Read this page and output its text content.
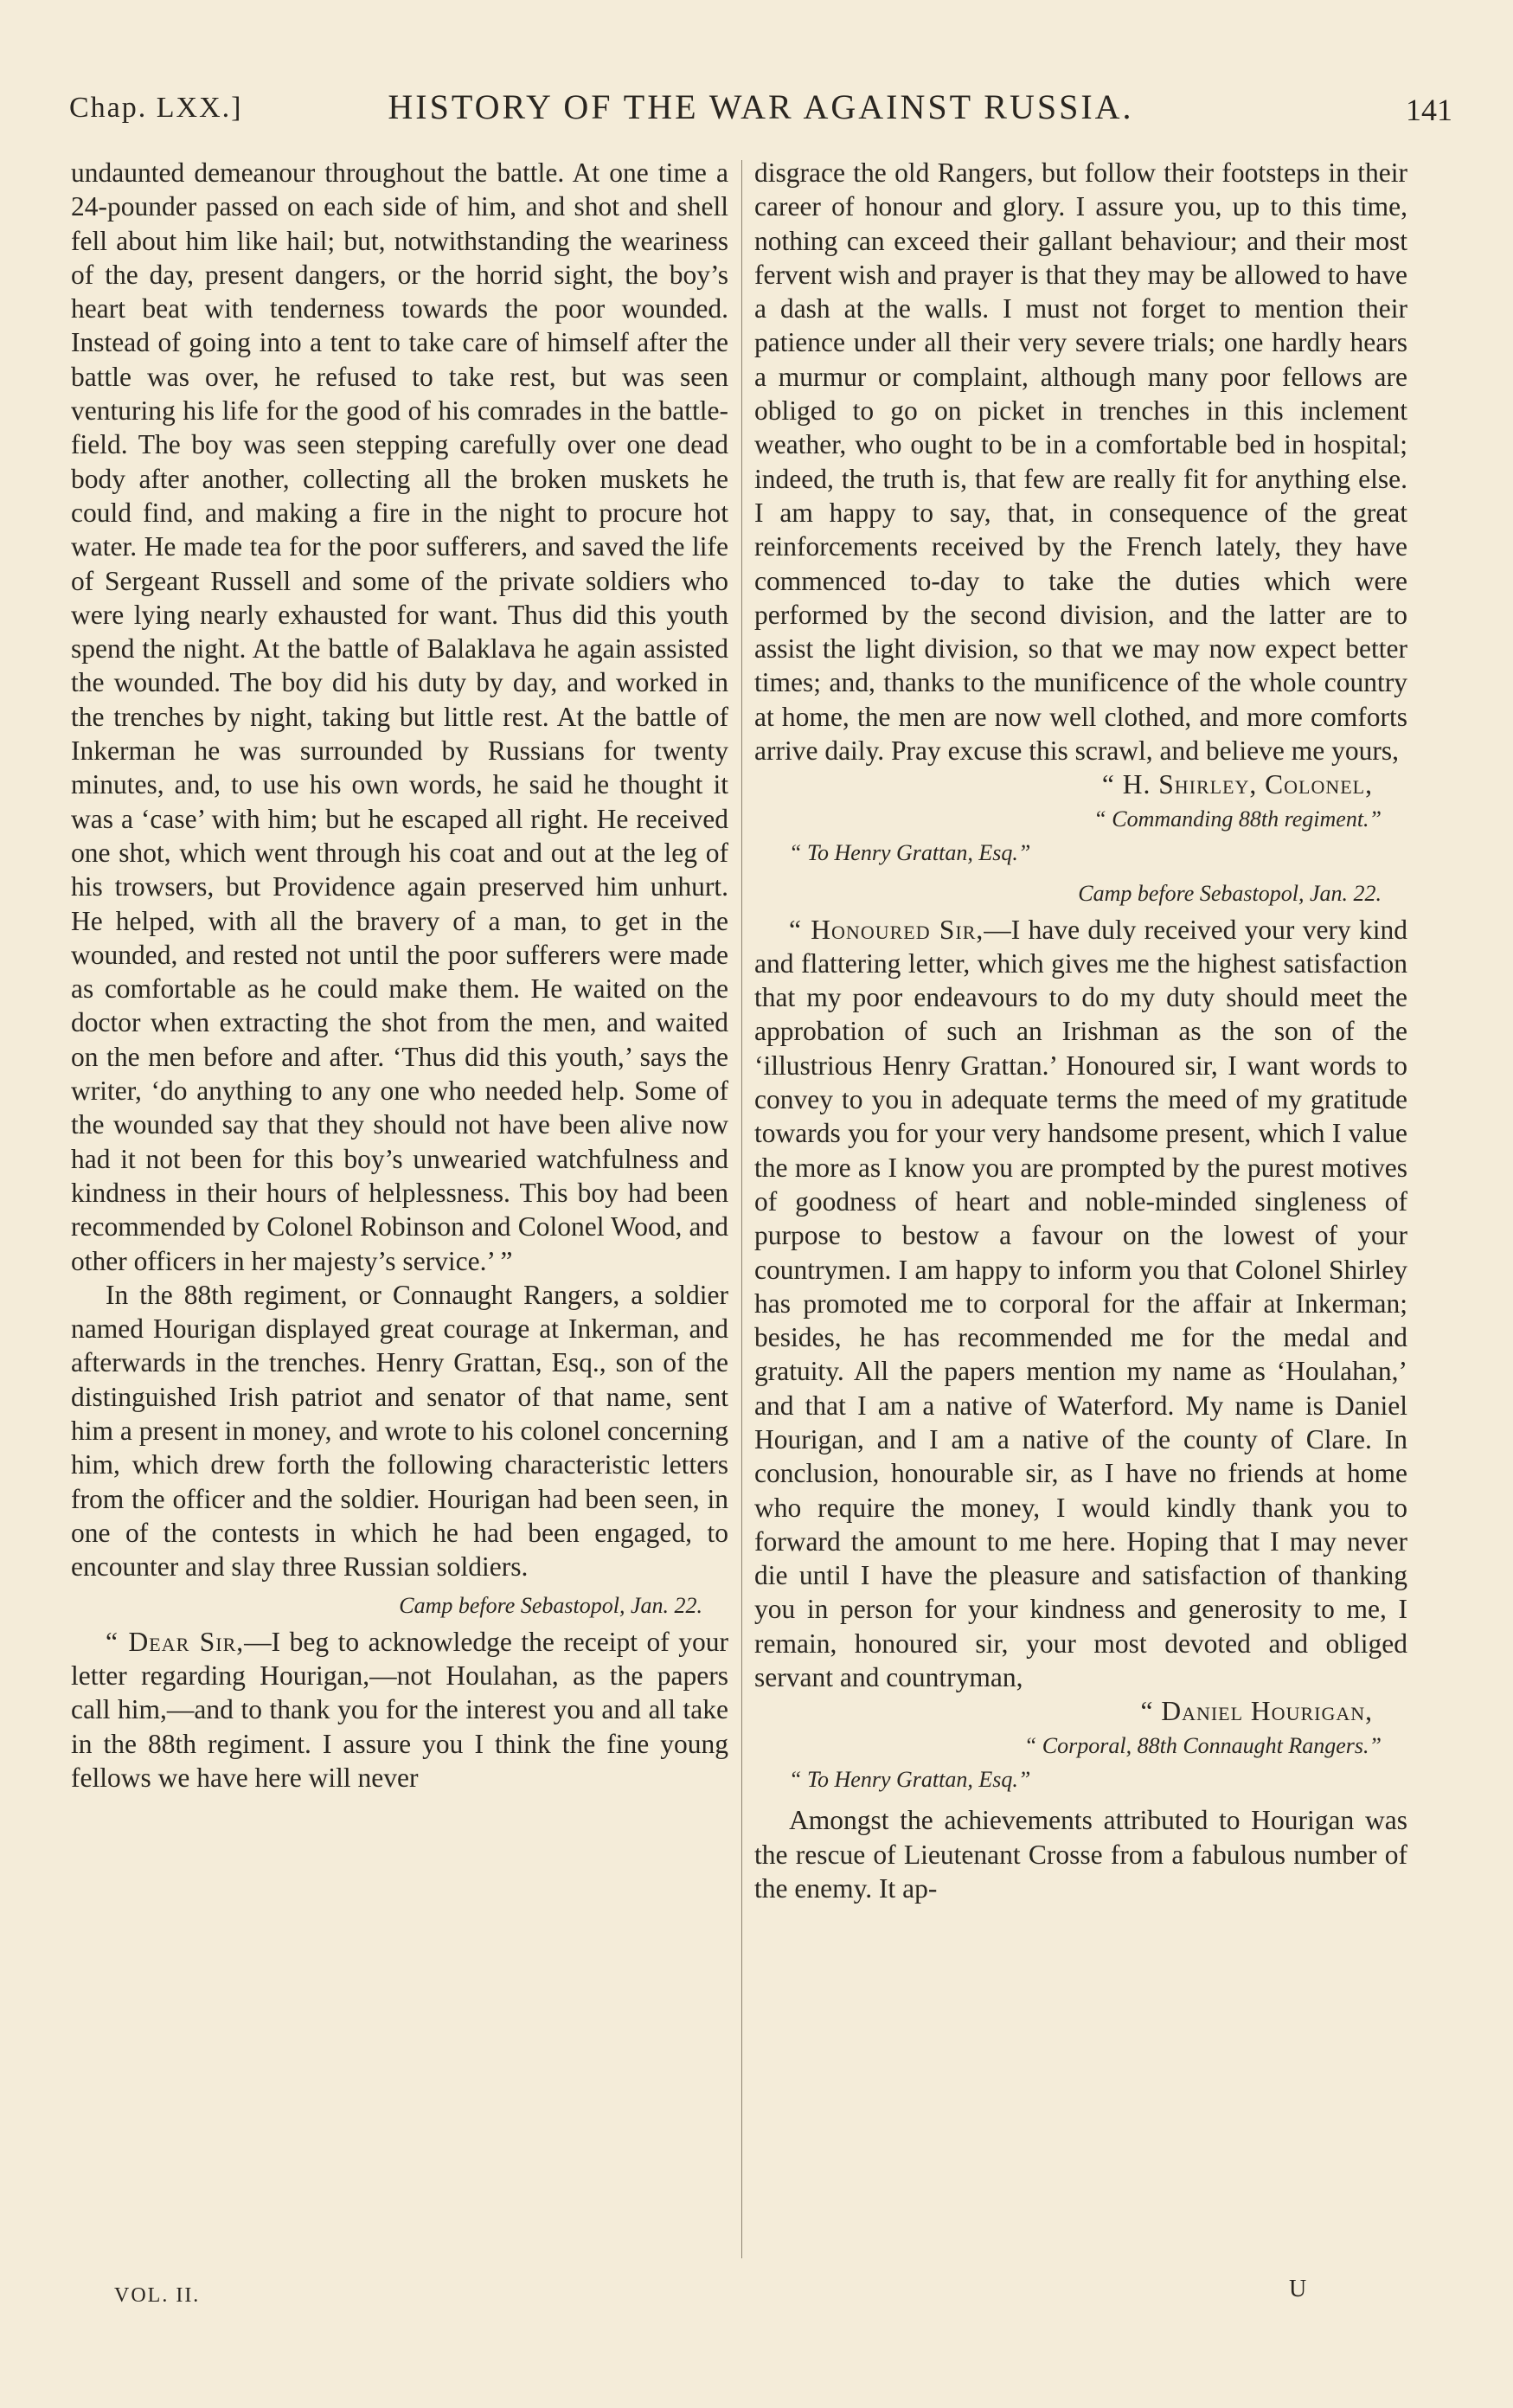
Chap. LXX.]	HISTORY OF THE WAR AGAINST RUSSIA.	141

undaunted demeanour throughout the battle. At one time a 24-pounder passed on each side of him, and shot and shell fell about him like hail; but, notwithstanding the weariness of the day, present dangers, or the horrid sight, the boy’s heart beat with tenderness towards the poor wounded. Instead of going into a tent to take care of himself after the battle was over, he refused to take rest, but was seen venturing his life for the good of his comrades in the battle-field. The boy was seen stepping carefully over one dead body after another, collecting all the broken muskets he could find, and making a fire in the night to procure hot water. He made tea for the poor sufferers, and saved the life of Sergeant Russell and some of the private soldiers who were lying nearly exhausted for want. Thus did this youth spend the night. At the battle of Balaklava he again assisted the wounded. The boy did his duty by day, and worked in the trenches by night, taking but little rest. At the battle of Inkerman he was surrounded by Russians for twenty minutes, and, to use his own words, he said he thought it was a ‘case’ with him; but he escaped all right. He received one shot, which went through his coat and out at the leg of his trowsers, but Providence again preserved him unhurt. He helped, with all the bravery of a man, to get in the wounded, and rested not until the poor sufferers were made as comfortable as he could make them. He waited on the doctor when extracting the shot from the men, and waited on the men before and after. ‘Thus did this youth,’ says the writer, ‘do anything to any one who needed help. Some of the wounded say that they should not have been alive now had it not been for this boy’s unwearied watchfulness and kindness in their hours of helplessness. This boy had been recommended by Colonel Robinson and Colonel Wood, and other officers in her majesty’s service.’ ”

In the 88th regiment, or Connaught Rangers, a soldier named Hourigan displayed great courage at Inkerman, and afterwards in the trenches. Henry Grattan, Esq., son of the distinguished Irish patriot and senator of that name, sent him a present in money, and wrote to his colonel concerning him, which drew forth the following characteristic letters from the officer and the soldier. Hourigan had been seen, in one of the contests in which he had been engaged, to encounter and slay three Russian soldiers.

Camp before Sebastopol, Jan. 22.

“ Dear Sir,—I beg to acknowledge the receipt of your letter regarding Hourigan,—not Houlahan, as the papers call him,—and to thank you for the interest you and all take in the 88th regiment. I assure you I think the fine young fellows we have here will never

disgrace the old Rangers, but follow their footsteps in their career of honour and glory. I assure you, up to this time, nothing can exceed their gallant behaviour; and their most fervent wish and prayer is that they may be allowed to have a dash at the walls. I must not forget to mention their patience under all their very severe trials; one hardly hears a murmur or complaint, although many poor fellows are obliged to go on picket in trenches in this inclement weather, who ought to be in a comfortable bed in hospital; indeed, the truth is, that few are really fit for anything else. I am happy to say, that, in consequence of the great reinforcements received by the French lately, they have commenced to-day to take the duties which were performed by the second division, and the latter are to assist the light division, so that we may now expect better times; and, thanks to the munificence of the whole country at home, the men are now well clothed, and more comforts arrive daily. Pray excuse this scrawl, and believe me yours,

“ H. Shirley, Colonel,

“ Commanding 88th regiment.”

“ To Henry Grattan, Esq.”

Camp before Sebastopol, Jan. 22.

“ Honoured Sir,—I have duly received your very kind and flattering letter, which gives me the highest satisfaction that my poor endeavours to do my duty should meet the approbation of such an Irishman as the son of the ‘illustrious Henry Grattan.’ Honoured sir, I want words to convey to you in adequate terms the meed of my gratitude towards you for your very handsome present, which I value the more as I know you are prompted by the purest motives of goodness of heart and noble-minded singleness of purpose to bestow a favour on the lowest of your countrymen. I am happy to inform you that Colonel Shirley has promoted me to corporal for the affair at Inkerman; besides, he has recommended me for the medal and gratuity. All the papers mention my name as ‘Houlahan,’ and that I am a native of Waterford. My name is Daniel Hourigan, and I am a native of the county of Clare. In conclusion, honourable sir, as I have no friends at home who require the money, I would kindly thank you to forward the amount to me here. Hoping that I may never die until I have the pleasure and satisfaction of thanking you in person for your kindness and generosity to me, I remain, honoured sir, your most devoted and obliged servant and countryman,

“ Daniel Hourigan,

“ Corporal, 88th Connaught Rangers.”

“ To Henry Grattan, Esq.”

Amongst the achievements attributed to Hourigan was the rescue of Lieutenant Crosse from a fabulous number of the enemy. It ap-

VOL. II.	U
